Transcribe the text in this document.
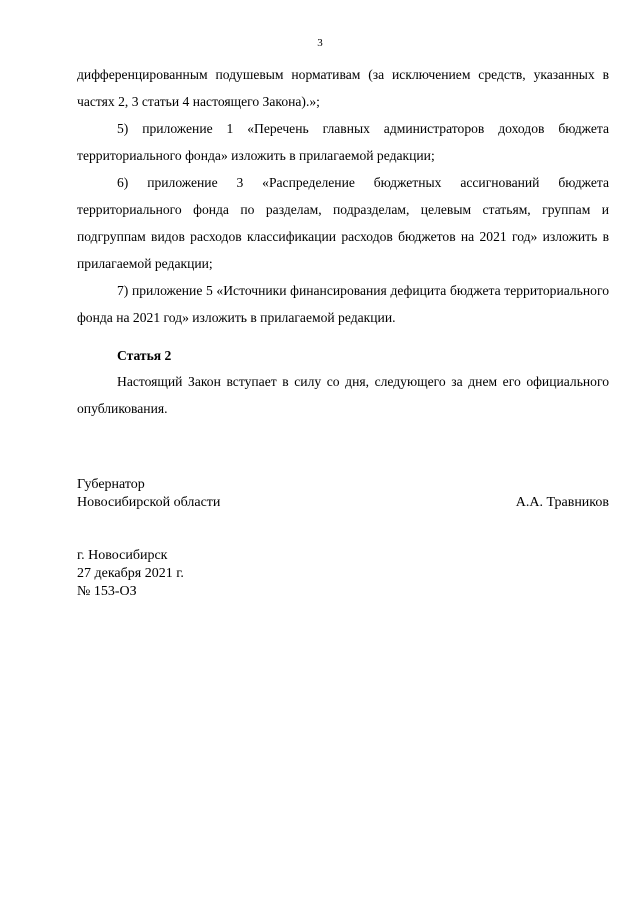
3

дифференцированным подушевым нормативам (за исключением средств, указанных в частях 2, 3 статьи 4 настоящего Закона).»;

5) приложение 1 «Перечень главных администраторов доходов бюджета территориального фонда» изложить в прилагаемой редакции;

6) приложение 3 «Распределение бюджетных ассигнований бюджета территориального фонда по разделам, подразделам, целевым статьям, группам и подгруппам видов расходов классификации расходов бюджетов на 2021 год» изложить в прилагаемой редакции;

7) приложение 5 «Источники финансирования дефицита бюджета территориального фонда на 2021 год» изложить в прилагаемой редакции.

Статья 2

Настоящий Закон вступает в силу со дня, следующего за днем его официального опубликования.

Губернатор
Новосибирской области	А.А. Травников
г. Новосибирск
27 декабря 2021 г.
№ 153-ОЗ
